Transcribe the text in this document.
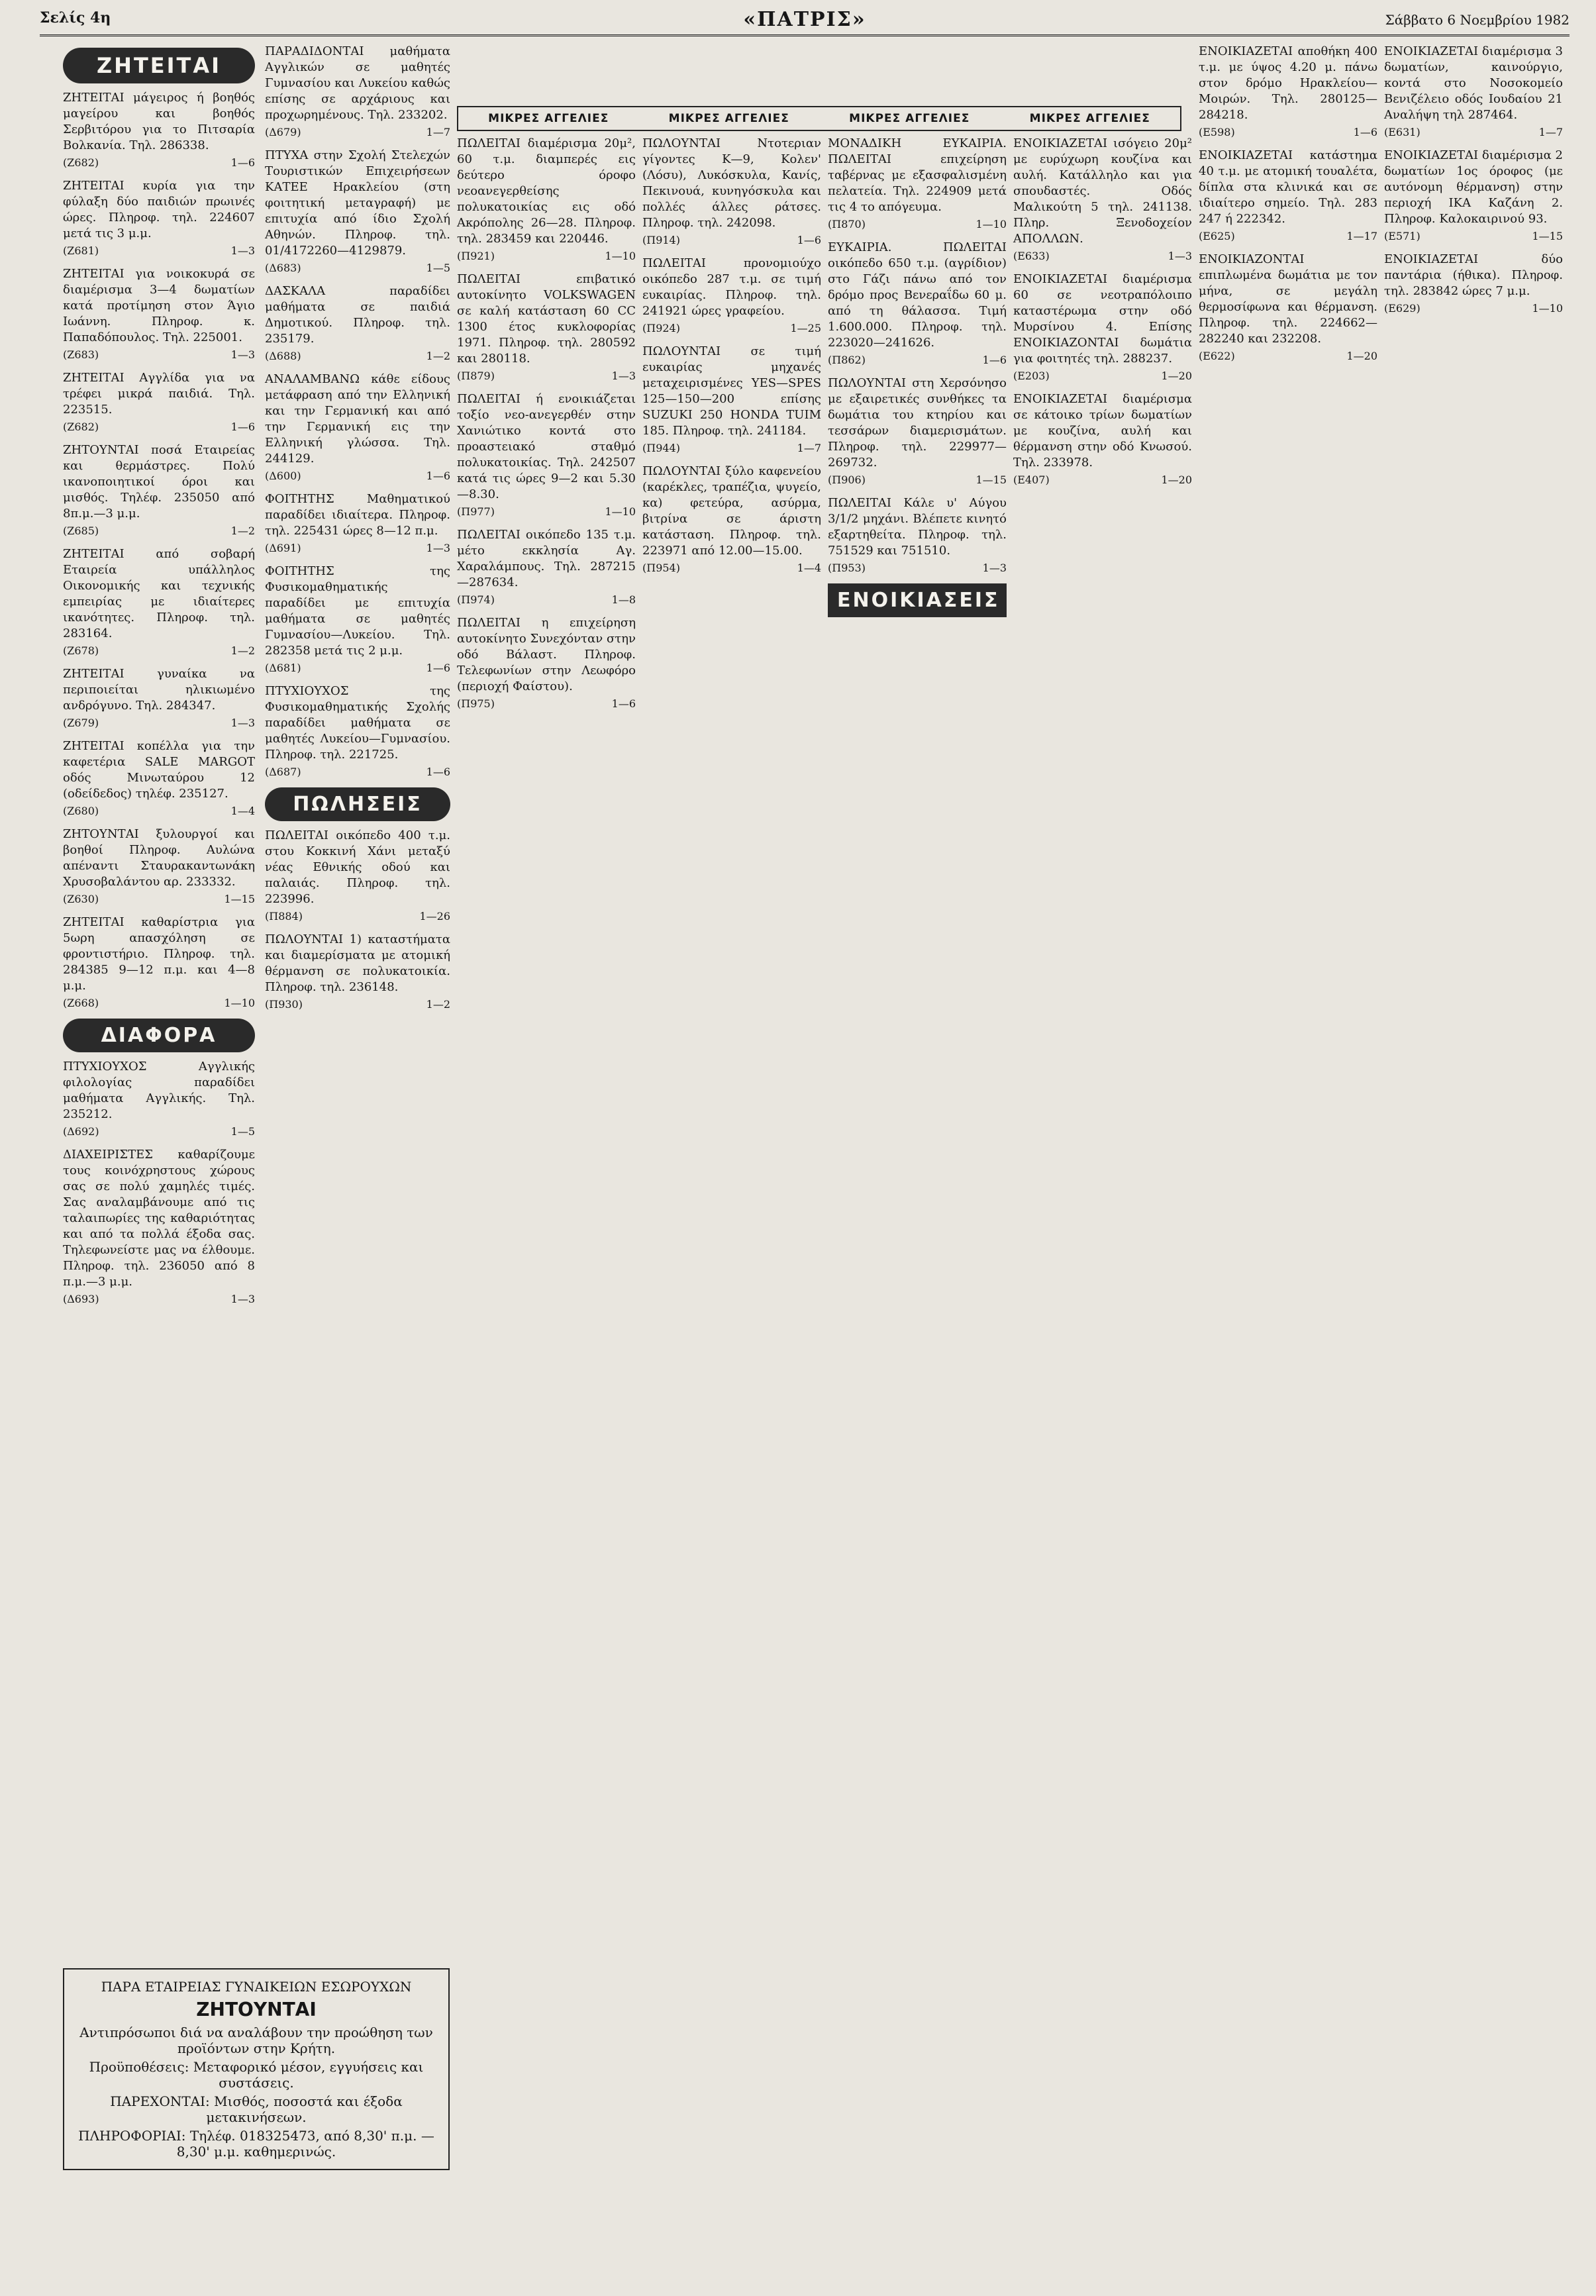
Σελίς 4η	«ΠΑΤΡΙΣ»	Σάββατο 6 Νοεμβρίου 1982
ΜΙΚΡΕΣ ΑΓΓΕΛΙΕΣ	ΜΙΚΡΕΣ ΑΓΓΕΛΙΕΣ	ΜΙΚΡΕΣ ΑΓΓΕΛΙΕΣ	ΜΙΚΡΕΣ ΑΓΓΕΛΙΕΣ
ΖΗΤΕΙΤΑΙ
ΖΗΤΕΙΤΑΙ μάγειρος ή βοηθός μαγείρου και βοηθός Σερβιτόρου για το Πιτσαρία Βολκανία. Τηλ. 286338.
(Z682)	1—6
ΖΗΤΕΙΤΑΙ κυρία για την φύλαξη δύο παιδιών πρωινές ώρες. Πληροφ. τηλ. 224607 μετά τις 3 μ.μ.
(Z681)	1—3
ΖΗΤΕΙΤΑΙ για νοικοκυρά σε διαμέρισμα 3—4 δωματίων κατά προτίμηση στον Άγιο Ιωάννη. Πληροφ. κ. Παπαδόπουλος. Τηλ. 225001.
(Z683)	1—3
ΖΗΤΕΙΤΑΙ Αγγλίδα για να τρέφει μικρά παιδιά. Τηλ. 223515.
(Z682)	1—6
ΖΗΤΟΥΝΤΑΙ ποσά Εταιρείας και θερμάστρες. Πολύ ικανοποιητικοί όροι και μισθός. Τηλέφ. 235050 από 8π.μ.—3 μ.μ.
(Z685)	1—2
ΖΗΤΕΙΤΑΙ από σοβαρή Εταιρεία υπάλληλος Οικονομικής και τεχνικής εμπειρίας με ιδιαίτερες ικανότητες. Πληροφ. τηλ. 283164.
(Z678)	1—2
ΖΗΤΕΙΤΑΙ γυναίκα να περιποιείται ηλικιωμένο ανδρόγυνο. Τηλ. 284347.
(Z679)	1—3
ΖΗΤΕΙΤΑΙ κοπέλλα για την καφετέρια SALE MARGOT οδός Μινωταύρου 12 (οδείδεδος) τηλέφ. 235127.
(Z680)	1—4
ΖΗΤΟΥΝΤΑΙ ξυλουργοί και βοηθοί Πληροφ. Αυλώνα απέναντι Σταυρακαντωνάκη Χρυσοβαλάντου αρ. 233332.
(Z630)	1—15
ΖΗΤΕΙΤΑΙ καθαρίστρια για 5ωρη απασχόληση σε φροντιστήριο. Πληροφ. τηλ. 284385 9—12 π.μ. και 4—8 μ.μ.
(Z668)	1—10
ΔΙΑΦΟΡΑ
ΠΤΥΧΙΟΥΧΟΣ Αγγλικής φιλολογίας παραδίδει μαθήματα Αγγλικής. Τηλ. 235212.
(Δ692)	1—5
ΔΙΑΧΕΙΡΙΣΤΕΣ καθαρίζουμε τους κοινόχρηστους χώρους σας σε πολύ χαμηλές τιμές. Σας αναλαμβάνουμε από τις ταλαιπωρίες της καθαριότητας και από τα πολλά έξοδα σας. Τηλεφωνείστε μας να έλθουμε. Πληροφ. τηλ. 236050 από 8 π.μ.—3 μ.μ.
(Δ693)	1—3
ΠΑΡΑΔΙΔΟΝΤΑΙ μαθήματα Αγγλικών σε μαθητές Γυμνασίου και Λυκείου καθώς επίσης σε αρχάριους και προχωρημένους. Τηλ. 233202.
(Δ679)	1—7
ΠΤΥΧΑ στην Σχολή Στελεχών Τουριστικών Επιχειρήσεων ΚΑΤΕΕ Ηρακλείου (στη φοιτητική μεταγραφή) με επιτυχία από ίδιο Σχολή Αθηνών. Πληροφ. τηλ. 01/4172260—4129879.
(Δ683)	1—5
ΔΑΣΚΑΛΑ παραδίδει μαθήματα σε παιδιά Δημοτικού. Πληροφ. τηλ. 235179.
(Δ688)	1—2
ΑΝΑΛΑΜΒΑΝΩ κάθε είδους μετάφραση από την Ελληνική και την Γερμανική και από την Γερμανική εις την Ελληνική γλώσσα. Τηλ. 244129.
(Δ600)	1—6
ΦΟΙΤΗΤΗΣ Μαθηματικού παραδίδει ιδιαίτερα. Πληροφ. τηλ. 225431 ώρες 8—12 π.μ.
(Δ691)	1—3
ΦΟΙΤΗΤΗΣ της Φυσικομαθηματικής παραδίδει με επιτυχία μαθήματα σε μαθητές Γυμνασίου—Λυκείου. Τηλ. 282358 μετά τις 2 μ.μ.
(Δ681)	1—6
ΠΤΥΧΙΟΥΧΟΣ της Φυσικομαθηματικής Σχολής παραδίδει μαθήματα σε μαθητές Λυκείου—Γυμνασίου. Πληροφ. τηλ. 221725.
(Δ687)	1—6
ΠΩΛΗΣΕΙΣ
ΠΩΛΕΙΤΑΙ οικόπεδο 400 τ.μ. στου Κοκκινή Χάνι μεταξύ νέας Εθνικής οδού και παλαιάς. Πληροφ. τηλ. 223996.
(Π884)	1—26
ΠΩΛΟΥΝΤΑΙ 1) καταστήματα και διαμερίσματα με ατομική θέρμανση σε πολυκατοικία. Πληροφ. τηλ. 236148.
(Π930)	1—2
ΠΩΛΕΙΤΑΙ διαμέρισμα 20μ², 60 τ.μ. διαμπερές εις δεύτερο όροφο νεοανεγερθείσης πολυκατοικίας εις οδό Ακρόπολης 26—28. Πληροφ. τηλ. 283459 και 220446.
(Π921)	1—10
ΠΩΛΕΙΤΑΙ επιβατικό αυτοκίνητο VOLKSWAGEN σε καλή κατάσταση 60 CC 1300 έτος κυκλοφορίας 1971. Πληροφ. τηλ. 280592 και 280118.
(Π879)	1—3
ΠΩΛΕΙΤΑΙ ή ενοικιάζεται τοξίο νεο-ανεγερθέν στην Χανιώτικο κοντά στο προαστειακό σταθμό πολυκατοικίας. Τηλ. 242507 κατά τις ώρες 9—2 και 5.30—8.30.
(Π977)	1—10
ΠΩΛΕΙΤΑΙ οικόπεδο 135 τ.μ. μέτο εκκλησία Αγ. Χαραλάμπους. Τηλ. 287215—287634.
(Π974)	1—8
ΠΩΛΕΙΤΑΙ η επιχείρηση αυτοκίνητο Συνεχόνταν στην οδό Βάλαστ. Πληροφ. Τελεφωνίων στην Λεωφόρο (περιοχή Φαίστου).
(Π975)	1—6
ΠΩΛΟΥΝΤΑΙ Ντοτεριαν γίγοντες Κ—9, Κολεν' (Λόσυ), Λυκόσκυλα, Κανίς, Πεκινουά, κυνηγόσκυλα και πολλές άλλες ράτσες. Πληροφ. τηλ. 242098.
(Π914)	1—6
ΠΩΛΕΙΤΑΙ προνομιούχο οικόπεδο 287 τ.μ. σε τιμή ευκαιρίας. Πληροφ. τηλ. 241921 ώρες γραφείου.
(Π924)	1—25
ΠΩΛΟΥΝΤΑΙ σε τιμή ευκαιρίας μηχανές μεταχειρισμένες YES—SPES 125—150—200 επίσης SUZUKI 250 HONDA TUIM 185. Πληροφ. τηλ. 241184.
(Π944)	1—7
ΠΩΛΟΥΝΤΑΙ ξύλο καφενείου (καρέκλες, τραπέζια, ψυγείο, κα) φετεύρα, ασύρμα, βιτρίνα σε άριστη κατάσταση. Πληροφ. τηλ. 223971 από 12.00—15.00.
(Π954)	1—4
ΜΟΝΑΔΙΚΗ ΕΥΚΑΙΡΙΑ. ΠΩΛΕΙΤΑΙ επιχείρηση ταβέρνας με εξασφαλισμένη πελατεία. Τηλ. 224909 μετά τις 4 το απόγευμα.
(Π870)	1—10
ΕΥΚΑΙΡΙΑ. ΠΩΛΕΙΤΑΙ οικόπεδο 650 τ.μ. (αγρίδιον) στο Γάζι πάνω από τον δρόμο πρoς Βενεραΐδω 60 μ. από τη θάλασσα. Τιμή 1.600.000. Πληροφ. τηλ. 223020—241626.
(Π862)	1—6
ΠΩΛΟΥΝΤΑΙ στη Χερσόνησο με εξαιρετικές συνθήκες τα δωμάτια του κτηρίου και τεσσάρων διαμερισμάτων. Πληροφ. τηλ. 229977—269732.
(Π906)	1—15
ΠΩΛΕΙΤΑΙ Κάλε υ' Αύγου 3/1/2 μηχάνι. Βλέπετε κινητό εξαρτηθείτα. Πληροφ. τηλ. 751529 και 751510.
(Π953)	1—3
ΕΝΟΙΚΙΑΣΕΙΣ
ΕΝΟΙΚΙΑΖΕΤΑΙ ισόγειο 20μ² με ευρύχωρη κουζίνα και αυλή. Κατάλληλο και για σπουδαστές. Οδός Μαλικούτη 5 τηλ. 241138. Πληρ. Ξενοδοχείον ΑΠΟΛΛΩΝ.
(E633)	1—3
ΕΝΟΙΚΙΑΖΕΤΑΙ διαμέρισμα 60 σε νεοτραπόλοιπο καταστέρωμα στην οδό Μυρσίνου 4. Επίσης ΕΝΟΙΚΙΑΖΟΝΤΑΙ δωμάτια για φοιτητές τηλ. 288237.
(E203)	1—20
ΕΝΟΙΚΙΑΖΕΤΑΙ διαμέρισμα σε κάτοικο τρίων δωματίων με κουζίνα, αυλή και θέρμανση στην οδό Κνωσού. Τηλ. 233978.
(E407)	1—20
ΕΝΟΙΚΙΑΖΕΤΑΙ αποθήκη 400 τ.μ. με ύψος 4.20 μ. πάνω στον δρόμο Ηρακλείου—Μοιρών. Τηλ. 280125—284218.
(E598)	1—6
ΕΝΟΙΚΙΑΖΕΤΑΙ κατάστημα 40 τ.μ. με ατομική τουαλέτα, δίπλα στα κλινικά και σε ιδιαίτερο σημείο. Τηλ. 283 247 ή 222342.
(E625)	1—17
ΕΝΟΙΚΙΑΖΟΝΤΑΙ επιπλωμένα δωμάτια με τον μήνα, σε μεγάλη θερμοσίφωνα και θέρμανση. Πληροφ. τηλ. 224662—282240 και 232208.
(E622)	1—20
ΕΝΟΙΚΙΑΖΕΤΑΙ διαμέρισμα 3 δωματίων, καινούργιο, κοντά στο Νοσοκομείο Βενιζέλειο οδός Ιουδαίου 21 Αναλήψη τηλ 287464.
(E631)	1—7
ΕΝΟΙΚΙΑΖΕΤΑΙ διαμέρισμα 2 δωματίων 1ος όροφος (με αυτόνομη θέρμανση) στην περιοχή ΙΚΑ Καζάνη 2. Πληροφ. Καλοκαιρινού 93.
(E571)	1—15
ΕΝΟΙΚΙΑΖΕΤΑΙ δύο παντάρια (ήθικα). Πληροφ. τηλ. 283842 ώρες 7 μ.μ.
(E629)	1—10

ΠΑΡΑ ΕΤΑΙΡΕΙΑΣ ΓΥΝΑΙΚΕΙΩΝ ΕΣΩΡΟΥΧΩΝ

ΖΗΤΟΥΝΤΑΙ

Αντιπρόσωποι διά να αναλάβουν την προώθηση των προϊόντων στην Κρήτη.

Προϋποθέσεις: Μεταφορικό μέσον, εγγυήσεις και συστάσεις.

ΠΑΡΕΧΟΝΤΑΙ: Μισθός, ποσοστά και έξοδα μετακινήσεων.

ΠΛΗΡΟΦΟΡΙΑΙ: Τηλέφ. 018325473, από 8,30' π.μ. — 8,30' μ.μ. καθημερινώς.
